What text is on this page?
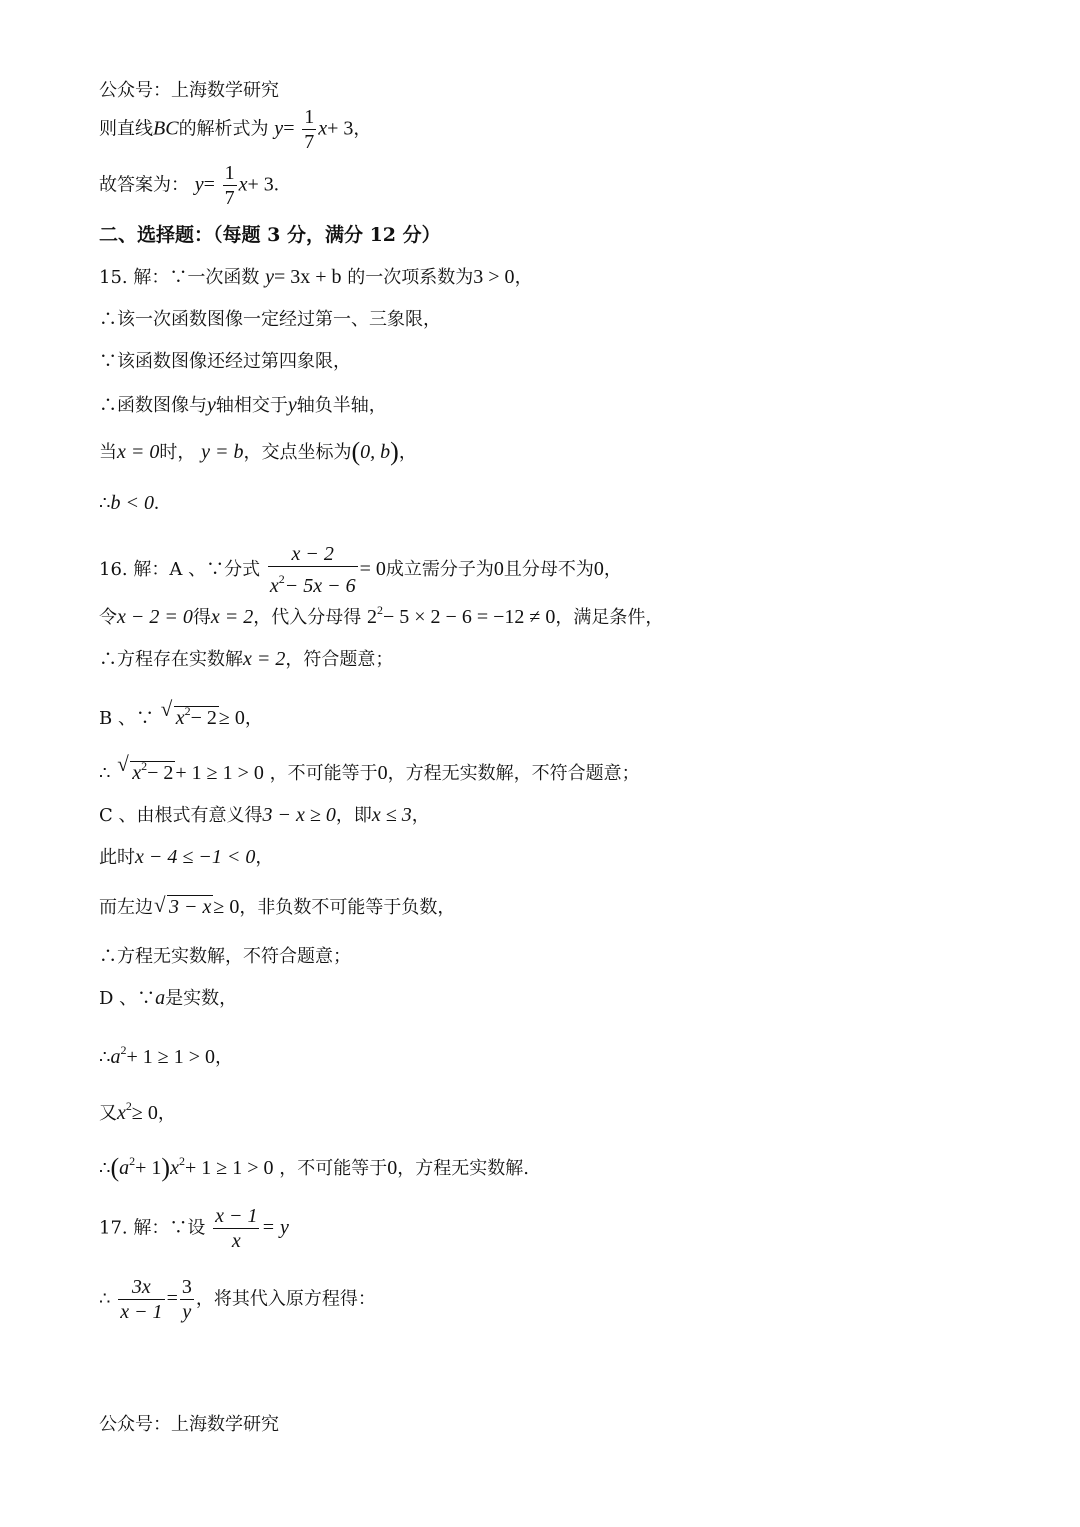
公众号：上海数学研究
则直线BC的解析式为 $y= \frac{1}{7} x+ 3$，
故答案为： $y= \frac{1}{7} x+ 3$.
二、选择题：（每题 3 分，满分 12 分）
15. 解：∵一次函数 y= 3x + b 的一次项系数为3 > 0，
∴该一次函数图像一定经过第一、三象限，
∵该函数图像还经过第四象限，
∴函数图像与y轴相交于y轴负半轴，
当x = 0时， y = b，交点坐标为(0, b)，
∴b < 0.
16. 解：A 、∵分式 $\frac{x - 2}{x^2- 5x - 6} = 0$成立需分子为0且分母不为0，
令x − 2 = 0得x = 2，代入分母得 $2^2- 5 \times 2 - 6 = -12 \ne 0$，满足条件，
∴方程存在实数解x = 2，符合题意；
B 、∵ √ $x^2- 2 \ge 0$，
∴ √ $x^2- 2 + 1 \ge 1 > 0$ ，不可能等于0，方程无实数解，不符合题意；
C 、由根式有意义得3 − x ≥ 0，即x ≤ 3，
此时x − 4 ≤ −1 < 0，
而左边 √ 3 − x ≥ 0，非负数不可能等于负数，
∴方程无实数解，不符合题意；
D 、∵a是实数，
$\therefore a^2+ 1 \ge 1 > 0$，
又$x^2\ge 0$，
$\therefore(a^2+ 1)x^2+ 1 \ge 1 > 0$ ，不可能等于0，方程无实数解.
17. 解：∵设 $\frac{x - 1}{x} = y$
∴ $\frac{3x}{x - 1} = \frac{3}{y}$ ，将其代入原方程得：
公众号：上海数学研究
